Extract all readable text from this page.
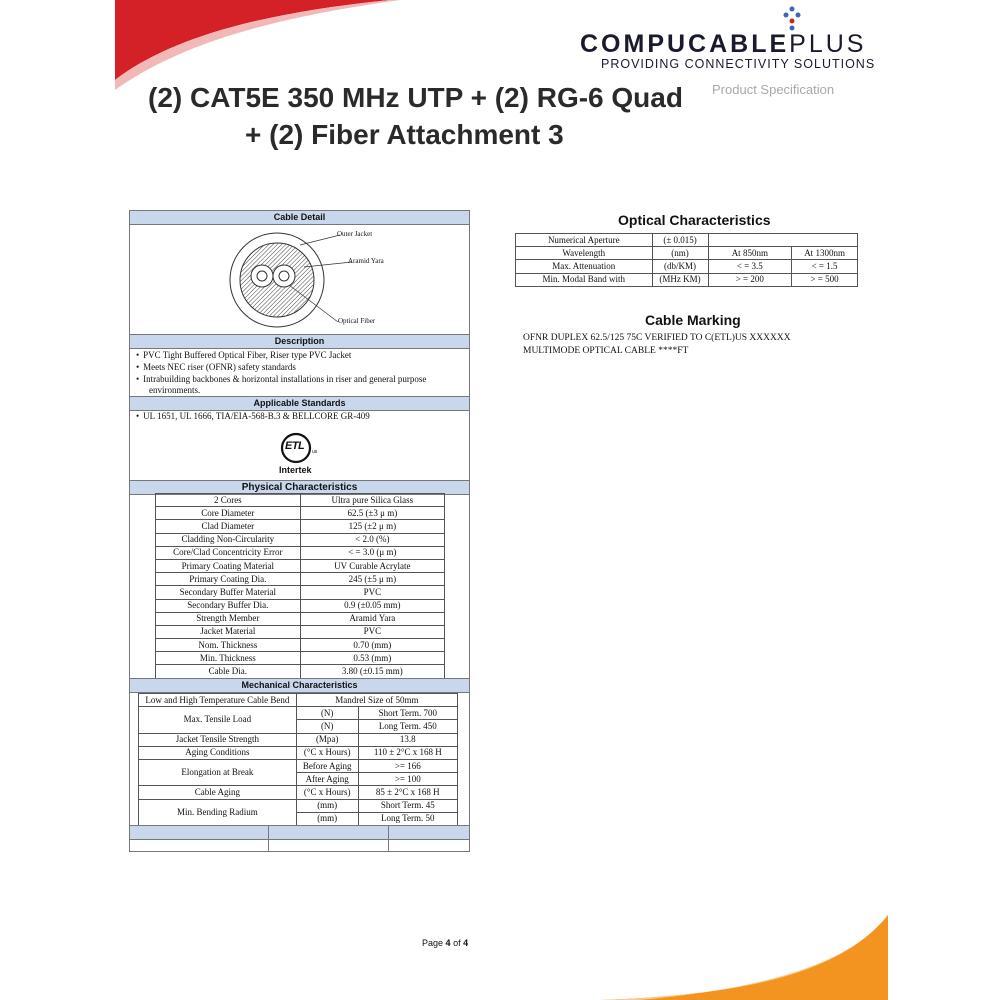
COMPUCABLEPLUS
PROVIDING CONNECTIVITY SOLUTIONS
(2) CAT5E 350 MHz UTP + (2) RG-6 Quad
+ (2) Fiber Attachment 3
Product Specification
Cable Detail
Outer Jacket
Aramid Yara
Optical Fiber
Description
• PVC Tight Buffered Optical Fiber, Riser type PVC Jacket
• Meets NEC riser (OFNR) safety standards
• Intrabuilding backbones & horizontal installations in riser and general purpose
environments.
Applicable Standards
• UL 1651, UL 1666, TIA/EIA-568-B.3 & BELLCORE GR-409
ETL us
Intertek
Physical Characteristics
2 Cores	Ultra pure Silica Glass
Core Diameter	62.5 (±3 μ m)
Clad Diameter	125 (±2 μ m)
Cladding Non-Circularity	< 2.0 (%)
Core/Clad Concentricity Error	< = 3.0 (μ m)
Primary Coating Material	UV Curable Acrylate
Primary Coating Dia.	245 (±5 μ m)
Secondary Buffer Material	PVC
Secondary Buffer Dia.	0.9 (±0.05 mm)
Strength Member	Aramid Yara
Jacket Material	PVC
Nom. Thickness	0.70 (mm)
Min. Thickness	0.53 (mm)
Cable Dia.	3.80 (±0.15 mm)
Mechanical Characteristics
Low and High Temperature Cable Bend	Mandrel Size of 50mm	
Max. Tensile Load	(N)	Short Term. 700
	(N)	Long Term. 450
Jacket Tensile Strength	(Mpa)	13.8
Aging Conditions	(°C x Hours)	110 ± 2°C x 168 H
Elongation at Break	Before Aging	>= 166
	After Aging	>= 100
Cable Aging	(°C x Hours)	85 ± 2°C x 168 H
Min. Bending Radium	(mm)	Short Term. 45
	(mm)	Long Term. 50
Optical Characteristics
Numerical Aperture	(± 0.015)		
Wavelength	(nm)	At 850nm	At 1300nm
Max. Attenuation	(db/KM)	< = 3.5	< = 1.5
Min. Modal Band with	(MHz KM)	> = 200	> = 500
Cable Marking
OFNR DUPLEX 62.5/125 75C VERIFIED TO C(ETL)US XXXXXX
MULTIMODE OPTICAL CABLE ****FT
Page 4 of 4
